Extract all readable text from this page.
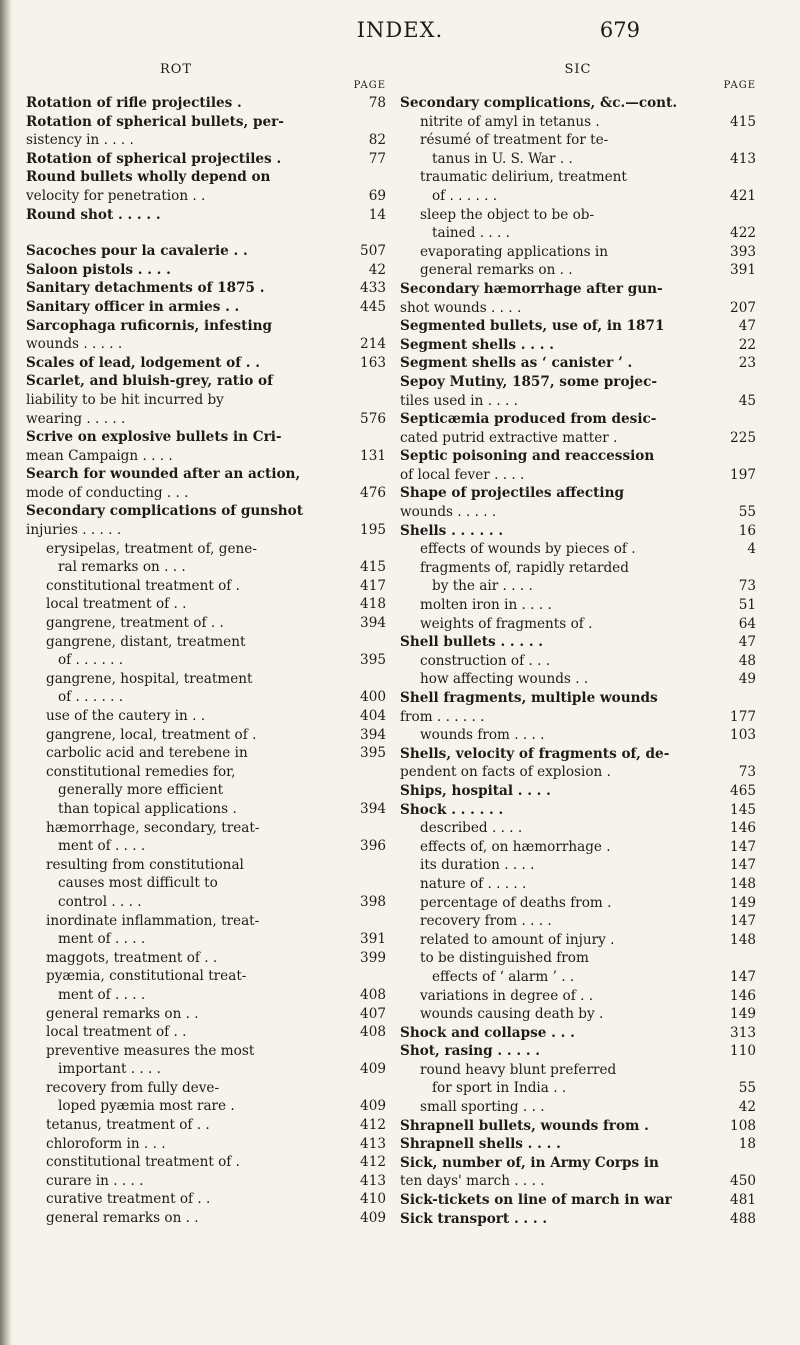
INDEX.	679
ROT
PAGE
Rotation of rifle projectiles .	78
Rotation of spherical bullets, per-
sistency in . . . .	82
Rotation of spherical projectiles .	77
Round bullets wholly depend on
velocity for penetration . .	69
Round shot . . . . .	14
Sacoches pour la cavalerie . .	507
Saloon pistols . . . .	42
Sanitary detachments of 1875 .	433
Sanitary officer in armies . .	445
Sarcophaga ruficornis, infesting
wounds . . . . .	214
Scales of lead, lodgement of . .	163
Scarlet, and bluish-grey, ratio of
liability to be hit incurred by
wearing . . . . .	576
Scrive on explosive bullets in Cri-
mean Campaign . . . .	131
Search for wounded after an action,
mode of conducting . . .	476
Secondary complications of gunshot
injuries . . . . .	195
erysipelas, treatment of, gene-
ral remarks on . . .	415
constitutional treatment of .	417
local treatment of . .	418
gangrene, treatment of . .	394
gangrene, distant, treatment
of . . . . . .	395
gangrene, hospital, treatment
of . . . . . .	400
use of the cautery in . .	404
gangrene, local, treatment of .	394
carbolic acid and terebene in	395
constitutional remedies for,
generally more efficient
than topical applications .	394
hæmorrhage, secondary, treat-
ment of . . . .	396
resulting from constitutional
causes most difficult to
control . . . .	398
inordinate inflammation, treat-
ment of . . . .	391
maggots, treatment of . .	399
pyæmia, constitutional treat-
ment of . . . .	408
general remarks on . .	407
local treatment of . .	408
preventive measures the most
important . . . .	409
recovery from fully deve-
loped pyæmia most rare .	409
tetanus, treatment of . .	412
chloroform in . . .	413
constitutional treatment of .	412
curare in . . . .	413
curative treatment of . .	410
general remarks on . .	409
SIC
PAGE
Secondary complications, &c.—cont.
nitrite of amyl in tetanus .	415
résumé of treatment for te-
tanus in U. S. War . .	413
traumatic delirium, treatment
of . . . . . .	421
sleep the object to be ob-
tained . . . .	422
evaporating applications in	393
general remarks on . .	391
Secondary hæmorrhage after gun-
shot wounds . . . .	207
Segmented bullets, use of, in 1871	47
Segment shells . . . .	22
Segment shells as ‘ canister ’ .	23
Sepoy Mutiny, 1857, some projec-
tiles used in . . . .	45
Septicæmia produced from desic-
cated putrid extractive matter .	225
Septic poisoning and reaccession
of local fever . . . .	197
Shape of projectiles affecting
wounds . . . . .	55
Shells . . . . . .	16
effects of wounds by pieces of .	4
fragments of, rapidly retarded
by the air . . . .	73
molten iron in . . . .	51
weights of fragments of .	64
Shell bullets . . . . .	47
construction of . . .	48
how affecting wounds . .	49
Shell fragments, multiple wounds
from . . . . . .	177
wounds from . . . .	103
Shells, velocity of fragments of, de-
pendent on facts of explosion .	73
Ships, hospital . . . .	465
Shock . . . . . .	145
described . . . .	146
effects of, on hæmorrhage .	147
its duration . . . .	147
nature of . . . . .	148
percentage of deaths from .	149
recovery from . . . .	147
related to amount of injury .	148
to be distinguished from
effects of ‘ alarm ’ . .	147
variations in degree of . .	146
wounds causing death by .	149
Shock and collapse . . .	313
Shot, rasing . . . . .	110
round heavy blunt preferred
for sport in India . .	55
small sporting . . .	42
Shrapnell bullets, wounds from .	108
Shrapnell shells . . . .	18
Sick, number of, in Army Corps in
ten days' march . . . .	450
Sick-tickets on line of march in war	481
Sick transport . . . .	488
